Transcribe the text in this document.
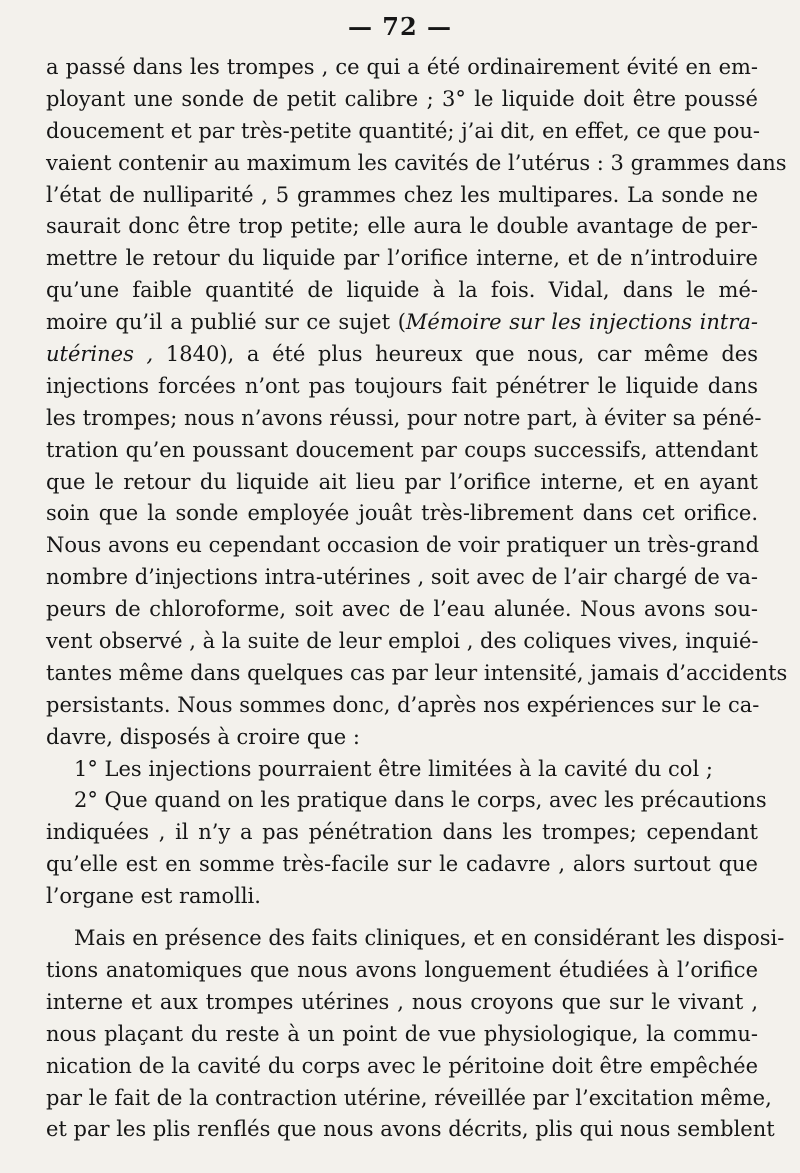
— 72 —
a passé dans les trompes , ce qui a été ordinairement évité en em-
ployant une sonde de petit calibre ; 3° le liquide doit être poussé
doucement et par très-petite quantité; j’ai dit, en effet, ce que pou-
vaient contenir au maximum les cavités de l’utérus : 3 grammes dans
l’état de nulliparité , 5 grammes chez les multipares. La sonde ne
saurait donc être trop petite; elle aura le double avantage de per-
mettre le retour du liquide par l’orifice interne, et de n’introduire
qu’une faible quantité de liquide à la fois. Vidal, dans le mé-
moire qu’il a publié sur ce sujet (Mémoire sur les injections intra-
utérines , 1840), a été plus heureux que nous, car même des
injections forcées n’ont pas toujours fait pénétrer le liquide dans
les trompes; nous n’avons réussi, pour notre part, à éviter sa péné-
tration qu’en poussant doucement par coups successifs, attendant
que le retour du liquide ait lieu par l’orifice interne, et en ayant
soin que la sonde employée jouât très-librement dans cet orifice.
Nous avons eu cependant occasion de voir pratiquer un très-grand
nombre d’injections intra-utérines , soit avec de l’air chargé de va-
peurs de chloroforme, soit avec de l’eau alunée. Nous avons sou-
vent observé , à la suite de leur emploi , des coliques vives, inquié-
tantes même dans quelques cas par leur intensité, jamais d’accidents
persistants. Nous sommes donc, d’après nos expériences sur le ca-
davre, disposés à croire que :
1° Les injections pourraient être limitées à la cavité du col ;
2° Que quand on les pratique dans le corps, avec les précautions
indiquées , il n’y a pas pénétration dans les trompes; cependant
qu’elle est en somme très-facile sur le cadavre , alors surtout que
l’organe est ramolli.
Mais en présence des faits cliniques, et en considérant les disposi-
tions anatomiques que nous avons longuement étudiées à l’orifice
interne et aux trompes utérines , nous croyons que sur le vivant ,
nous plaçant du reste à un point de vue physiologique, la commu-
nication de la cavité du corps avec le péritoine doit être empêchée
par le fait de la contraction utérine, réveillée par l’excitation même,
et par les plis renflés que nous avons décrits, plis qui nous semblent
